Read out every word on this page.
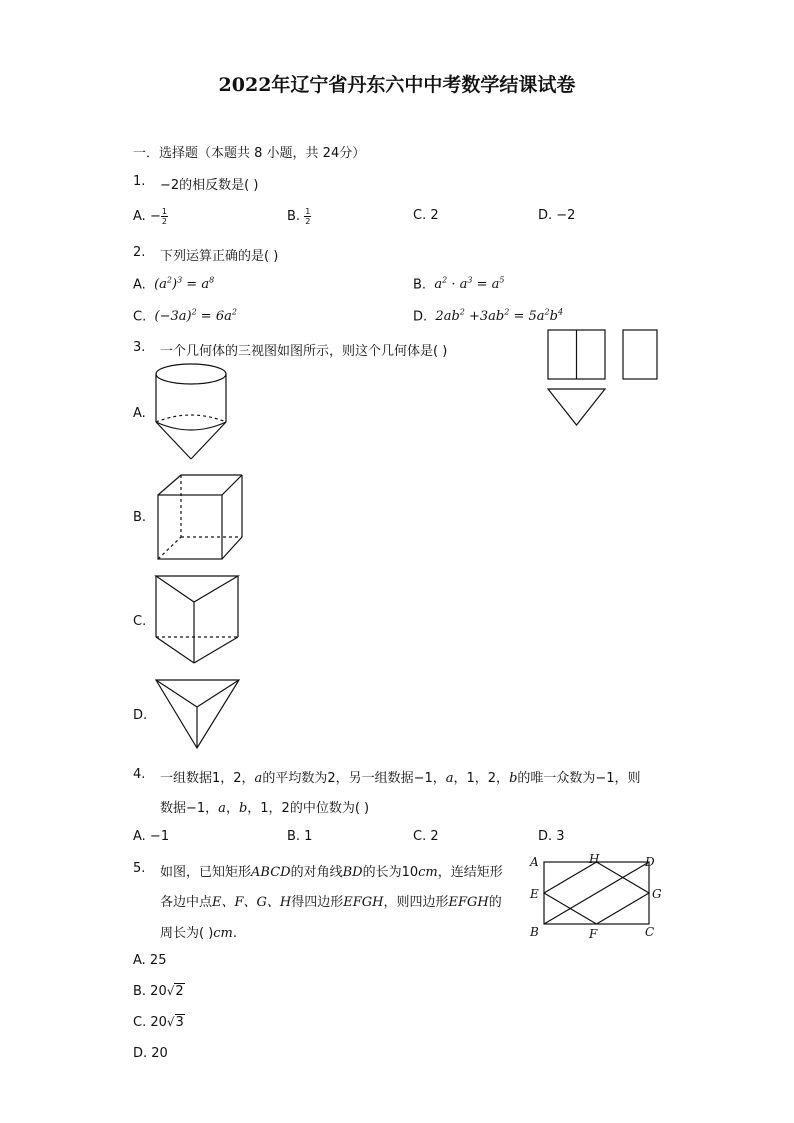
2022年辽宁省丹东六中中考数学结课试卷
一．选择题（本题共 8 小题，共 24分）
1. −2的相反数是( )
A. − $\frac{1}{2}$	B. $\frac{1}{2}$	C. 2	D. −2
2. 下列运算正确的是( )
A.  $(a^2)^3 = a^8$	B.  $a^2 \cdot a^3 = a^5$
C.  $(-3a)^2 = 6a^2$	D.  $2ab^2 +3ab^2 = 5a^2b^4$
3. 一个几何体的三视图如图所示，则这个几何体是( )
A.
B.
C.
D.
4. 一组数据1，2，a的平均数为2，另一组数据−1，a，1，2，b的唯一众数为−1，则
数据−1，a，b，1，2的中位数为( )
A. −1	B. 1	C. 2	D. 3
5. 如图，已知矩形ABCD的对角线BD的长为10cm，连结矩形
各边中点E、F、G、H得四边形EFGH，则四边形EFGH的
周长为( )cm.
A	H	D
E	G
B	F	C
A. 25
B. 20√2
C. 20√3
D. 20
